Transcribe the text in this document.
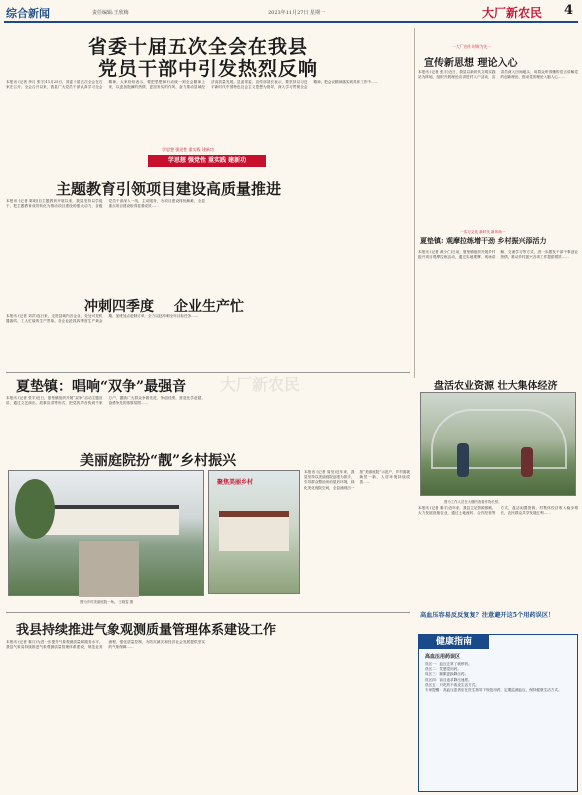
综合新闻	责任编辑:王欣梅	2023年11月27日 星期一	大厂新农民 4
省委十届五次全会在我县
党员干部中引发热烈反响
本报讯 (记者 李月 张宇)11月25日，省委十届五次全会在石家庄召开。全会召开以来，我县广大党员干部认真学习全会精神，大家纷纷表示，要把思想和行动统一到全会精神上来，以更加饱满的热情、更加务实的作风，奋力推动县域经济高质量发展。县委常委、宣传部部长表示，要坚持以习近平新时代中国特色社会主义思想为指导，深入学习贯彻全会精神，把会议精神落实到具体工作中……
宣传新思想 理论入心
一大厂宣传 时时为先一
本报讯 (记者 张宇)近日，我县以新时代文明实践站为阵地，组织开展理论宣讲进村入户活动，宣讲员深入田间地头，用群众听得懂的语言讲解党的创新理论，推动党的理论入脑入心……
学思想 强党性 重实践 建新功
学思想 强党性 重实践 建新功
主题教育引领项目建设高质量推进
本报讯 (记者 陈明)自主题教育开展以来，我县坚持以学促干，把主题教育成效转化为推动项目建设的强大动力，各级党员干部深入一线，主动服务，为项目建设排忧解难，全县重点项目建设取得显著成效……
冲刺四季度 企业生产忙
本报讯 (记者 刘洋)连日来，走进县域内各企业，处处可见机器轰鸣、工人忙碌的生产景象。各企业抢抓四季度生产黄金期，加班加点赶制订单，全力以赴冲刺全年目标任务……
一实习文化 新时代 新风尚一
夏垫镇: 观摩拉练增干劲 乡村振兴添活力
本报讯 (记者 黄少仁)日前，夏垫镇组织开展乡村振兴项目观摩拉练活动，通过实地观摩、现场讲解、交流学习等方式，进一步激发干部干事创业热情，推动乡村振兴各项工作提质增效……
夏垫镇：唱响“双争”最强音
本报讯 (记者 张宇)近日，夏垫镇组织开展“双争”活动主题宣讲，通过文艺演出、故事宣讲等形式，把党的声音传到千家万户，激励广大群众争做先进、争创佳绩，营造比学赶超、奋勇争先的浓厚氛围……
盘活农业资源 壮大集体经济
图为工作人员在大棚内查看作物长势。
本报讯 (记者 秦宇)近年来，我县立足资源禀赋，大力发展设施农业，通过土地流转、合作经营等方式，盘活闲置资源，村集体经济收入稳步增长，农民群众共享发展红利……
美丽庭院扮“靓”乡村振兴
图为乡村美丽庭院一角。 王晓雯 摄
聚焦美丽乡村
本报讯 (记者 周莹)近年来，我县坚持以美丽庭院创建为抓手，引导群众整治房前屋后环境，绿化美化庭院空间，全县涌现出一批“美丽庭院”示范户，乡村面貌焕然一新，人居环境持续改善……
我县持续推进气象观测质量管理体系建设工作
本报讯 (记者 秦月)为进一步提升气象观测质量和服务水平，我县气象局持续推进气象观测质量管理体系建设，规范业务流程，强化质量控制，为防灾减灾和经济社会发展提供坚实的气象保障……
高血压容易反反复复？注意避开这5个用药误区！
健康指南
高血压用药误区
误区一：血压正常了就停药。
误区二：凭感觉用药。
误区三：频繁更换降压药。
误区四：盲目追求降压速度。
误区五：只吃药不改变生活方式。
专家提醒：高血压患者应在医生指导下规范用药，定期监测血压，保持健康生活方式。
大厂新农民
